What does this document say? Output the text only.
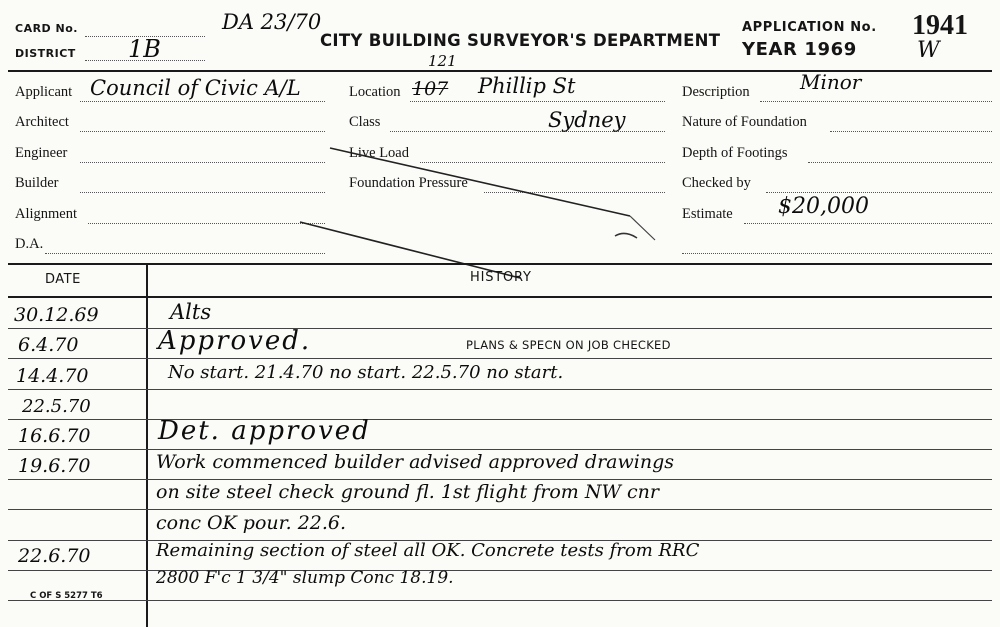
CARD No.
DISTRICT 1B
DA 23/70
CITY BUILDING SURVEYOR'S DEPARTMENT
APPLICATION No. 1941
W
YEAR 1969
Applicant Council of Civic A/L
Architect
Engineer
Builder
Alignment
D.A.
Location
121
107 Phillip St
Class	Sydney
Live Load
Foundation Pressure
Description	Minor
Nature of Foundation
Depth of Footings
Checked by
Estimate $20,000
DATE	HISTORY
30.12.69	Alts
6.4.70	Approved.	PLANS & SPECN ON JOB CHECKED
14.4.70	No start. 21.4.70 no start. 22.5.70 no start.
22.5.70
16.6.70	Det. approved
19.6.70	Work commenced builder advised approved drawings
on site steel check ground fl. 1st flight from NW cnr
conc OK pour. 22.6.
22.6.70	Remaining section of steel all OK. Concrete tests from RRC
2800 F'c 1 3/4" slump Conc 18.19.
C OF S 5277 T6
